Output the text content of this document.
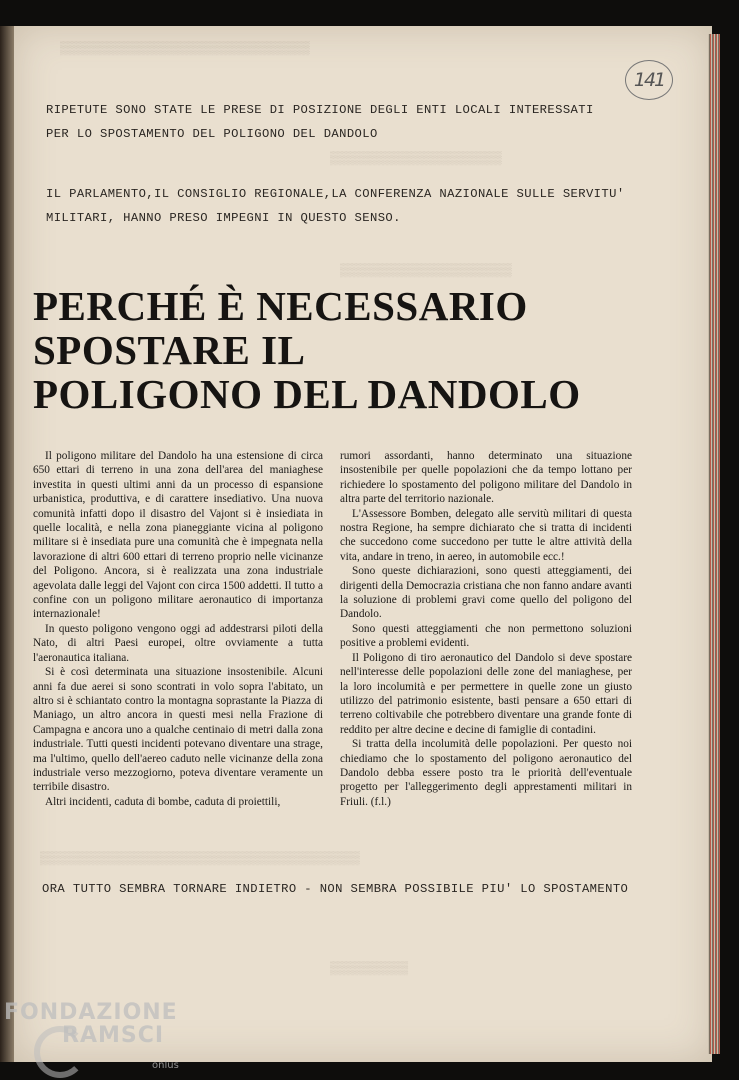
▒▒▒▒▒▒▒▒▒▒▒▒▒▒▒▒▒▒▒▒▒▒▒▒▒▒▒▒▒▒▒▒
▒▒▒▒▒▒▒▒▒▒▒▒▒▒▒▒▒▒▒▒▒▒
▒▒▒▒▒▒▒▒▒▒▒▒▒▒▒▒▒▒▒▒▒▒
▒▒▒▒▒▒▒▒▒▒▒▒▒▒▒▒▒▒▒▒▒▒▒▒▒▒▒▒▒▒▒▒▒▒▒▒▒▒▒▒▒
▒▒▒▒▒▒▒▒▒▒
141
RIPETUTE SONO STATE LE PRESE DI POSIZIONE DEGLI ENTI LOCALI INTERESSATI
PER LO SPOSTAMENTO DEL POLIGONO DEL DANDOLO
IL PARLAMENTO,IL CONSIGLIO REGIONALE,LA CONFERENZA NAZIONALE SULLE SERVITU'
MILITARI, HANNO PRESO IMPEGNI IN QUESTO SENSO.
PERCHÉ È NECESSARIO
SPOSTARE IL
POLIGONO DEL DANDOLO

Il poligono militare del Dandolo ha una estensione di circa 650 ettari di terreno in una zona dell'area del maniaghese investita in questi ultimi anni da un processo di espansione urbanistica, produttiva, e di carattere insediativo. Una nuova comunità infatti dopo il disastro del Vajont si è insiediata in quelle località, e nella zona pianeggiante vicina al poligono militare si è insediata pure una comunità che è impegnata nella lavorazione di altri 600 ettari di terreno proprio nelle vicinanze del Poligono. Ancora, si è realizzata una zona industriale agevolata dalle leggi del Vajont con circa 1500 addetti. Il tutto a confine con un poligono militare aeronautico di importanza internazionale!

In questo poligono vengono oggi ad addestrarsi piloti della Nato, di altri Paesi europei, oltre ovviamente a tutta l'aeronautica italiana.

Si è così determinata una situazione insostenibile. Alcuni anni fa due aerei si sono scontrati in volo sopra l'abitato, un altro si è schiantato contro la montagna soprastante la Piazza di Maniago, un altro ancora in questi mesi nella Frazione di Campagna e ancora uno a qualche centinaio di metri dalla zona industriale. Tutti questi incidenti potevano diventare una strage, ma l'ultimo, quello dell'aereo caduto nelle vicinanze della zona industriale verso mezzogiorno, poteva diventare veramente un terribile disastro.

Altri incidenti, caduta di bombe, caduta di proiettili,

rumori assordanti, hanno determinato una situazione insostenibile per quelle popolazioni che da tempo lottano per richiedere lo spostamento del poligono militare del Dandolo in altra parte del territorio nazionale.

L'Assessore Bomben, delegato alle servitù militari di questa nostra Regione, ha sempre dichiarato che si tratta di incidenti che succedono come succedono per tutte le altre attività della vita, andare in treno, in aereo, in automobile ecc.!

Sono queste dichiarazioni, sono questi atteggiamenti, dei dirigenti della Democrazia cristiana che non fanno andare avanti la soluzione di problemi gravi come quello del poligono del Dandolo.

Sono questi atteggiamenti che non permettono soluzioni positive a problemi evidenti.

Il Poligono di tiro aeronautico del Dandolo si deve spostare nell'interesse delle popolazioni delle zone del maniaghese, per la loro incolumità e per permettere in quelle zone un giusto utilizzo del patrimonio esistente, basti pensare a 650 ettari di terreno coltivabile che potrebbero diventare una grande fonte di reddito per altre decine e decine di famiglie di contadini.

Si tratta della incolumità delle popolazioni. Per questo noi chiediamo che lo spostamento del poligono aeronautico del Dandolo debba essere posto tra le priorità dell'eventuale progetto per l'alleggerimento degli apprestamenti militari in Friuli. (f.l.)

ORA TUTTO SEMBRA TORNARE INDIETRO - NON SEMBRA POSSIBILE PIU' LO SPOSTAMENTO
FONDAZIONE
RAMSCI
onlus
